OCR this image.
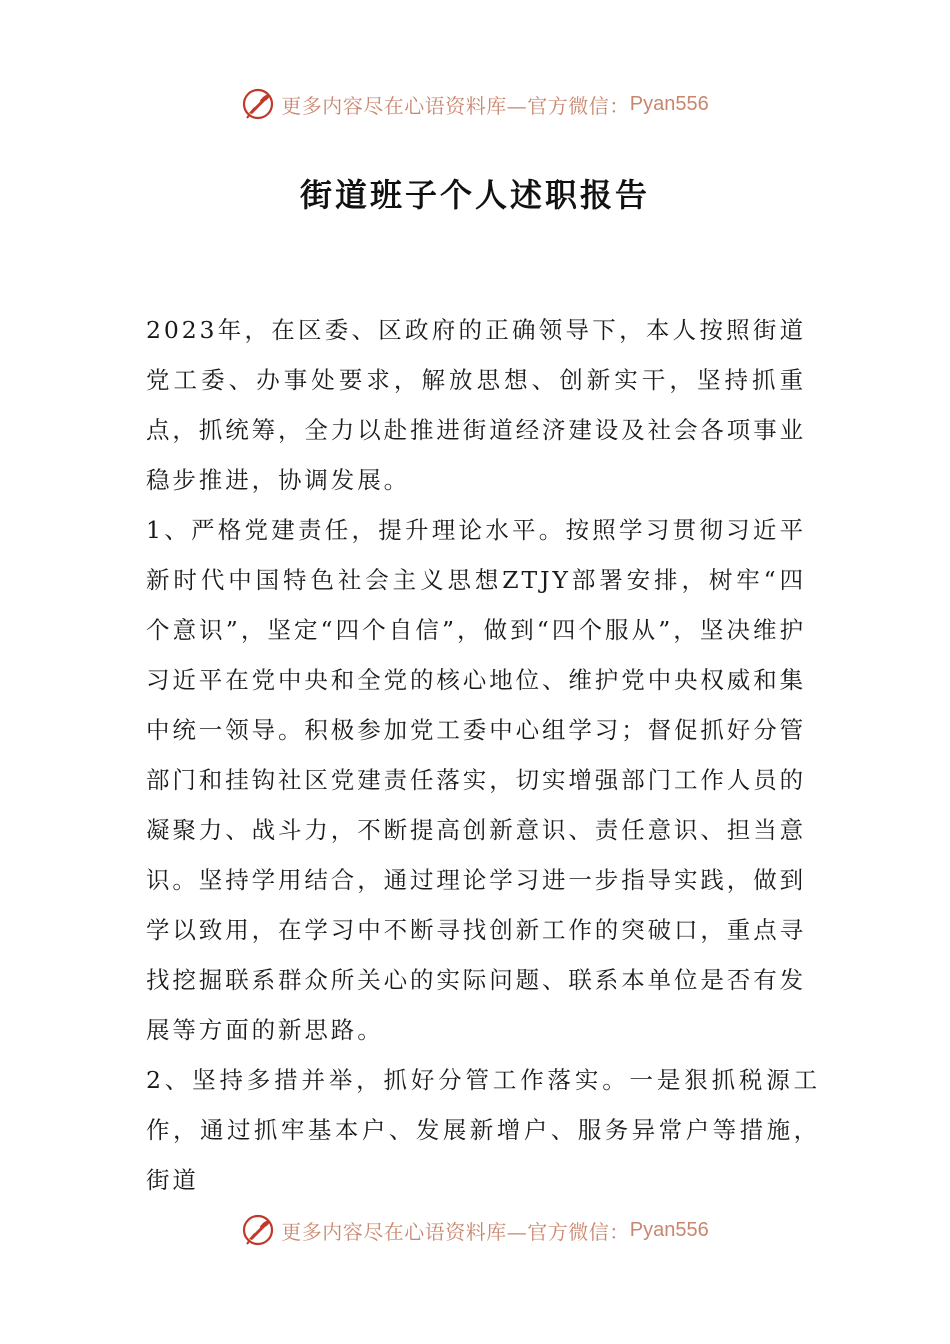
更多内容尽在心语资料库—官方微信： Pyan556
街道班子个人述职报告

2023年，在区委、区政府的正确领导下，本人按照街道党工委、办事处要求，解放思想、创新实干，坚持抓重点，抓统筹，全力以赴推进街道经济建设及社会各项事业稳步推进，协调发展。

1、严格党建责任，提升理论水平。按照学习贯彻习近平新时代中国特色社会主义思想ZTJY部署安排，树牢“四个意识”，坚定“四个自信”，做到“四个服从”，坚决维护习近平在党中央和全党的核心地位、维护党中央权威和集中统一领导。积极参加党工委中心组学习；督促抓好分管部门和挂钩社区党建责任落实，切实增强部门工作人员的凝聚力、战斗力，不断提高创新意识、责任意识、担当意识。坚持学用结合，通过理论学习进一步指导实践，做到学以致用，在学习中不断寻找创新工作的突破口，重点寻找挖掘联系群众所关心的实际问题、联系本单位是否有发展等方面的新思路。

2、坚持多措并举，抓好分管工作落实。一是狠抓税源工作，通过抓牢基本户、发展新增户、服务异常户等措施，街道

更多内容尽在心语资料库—官方微信： Pyan556
